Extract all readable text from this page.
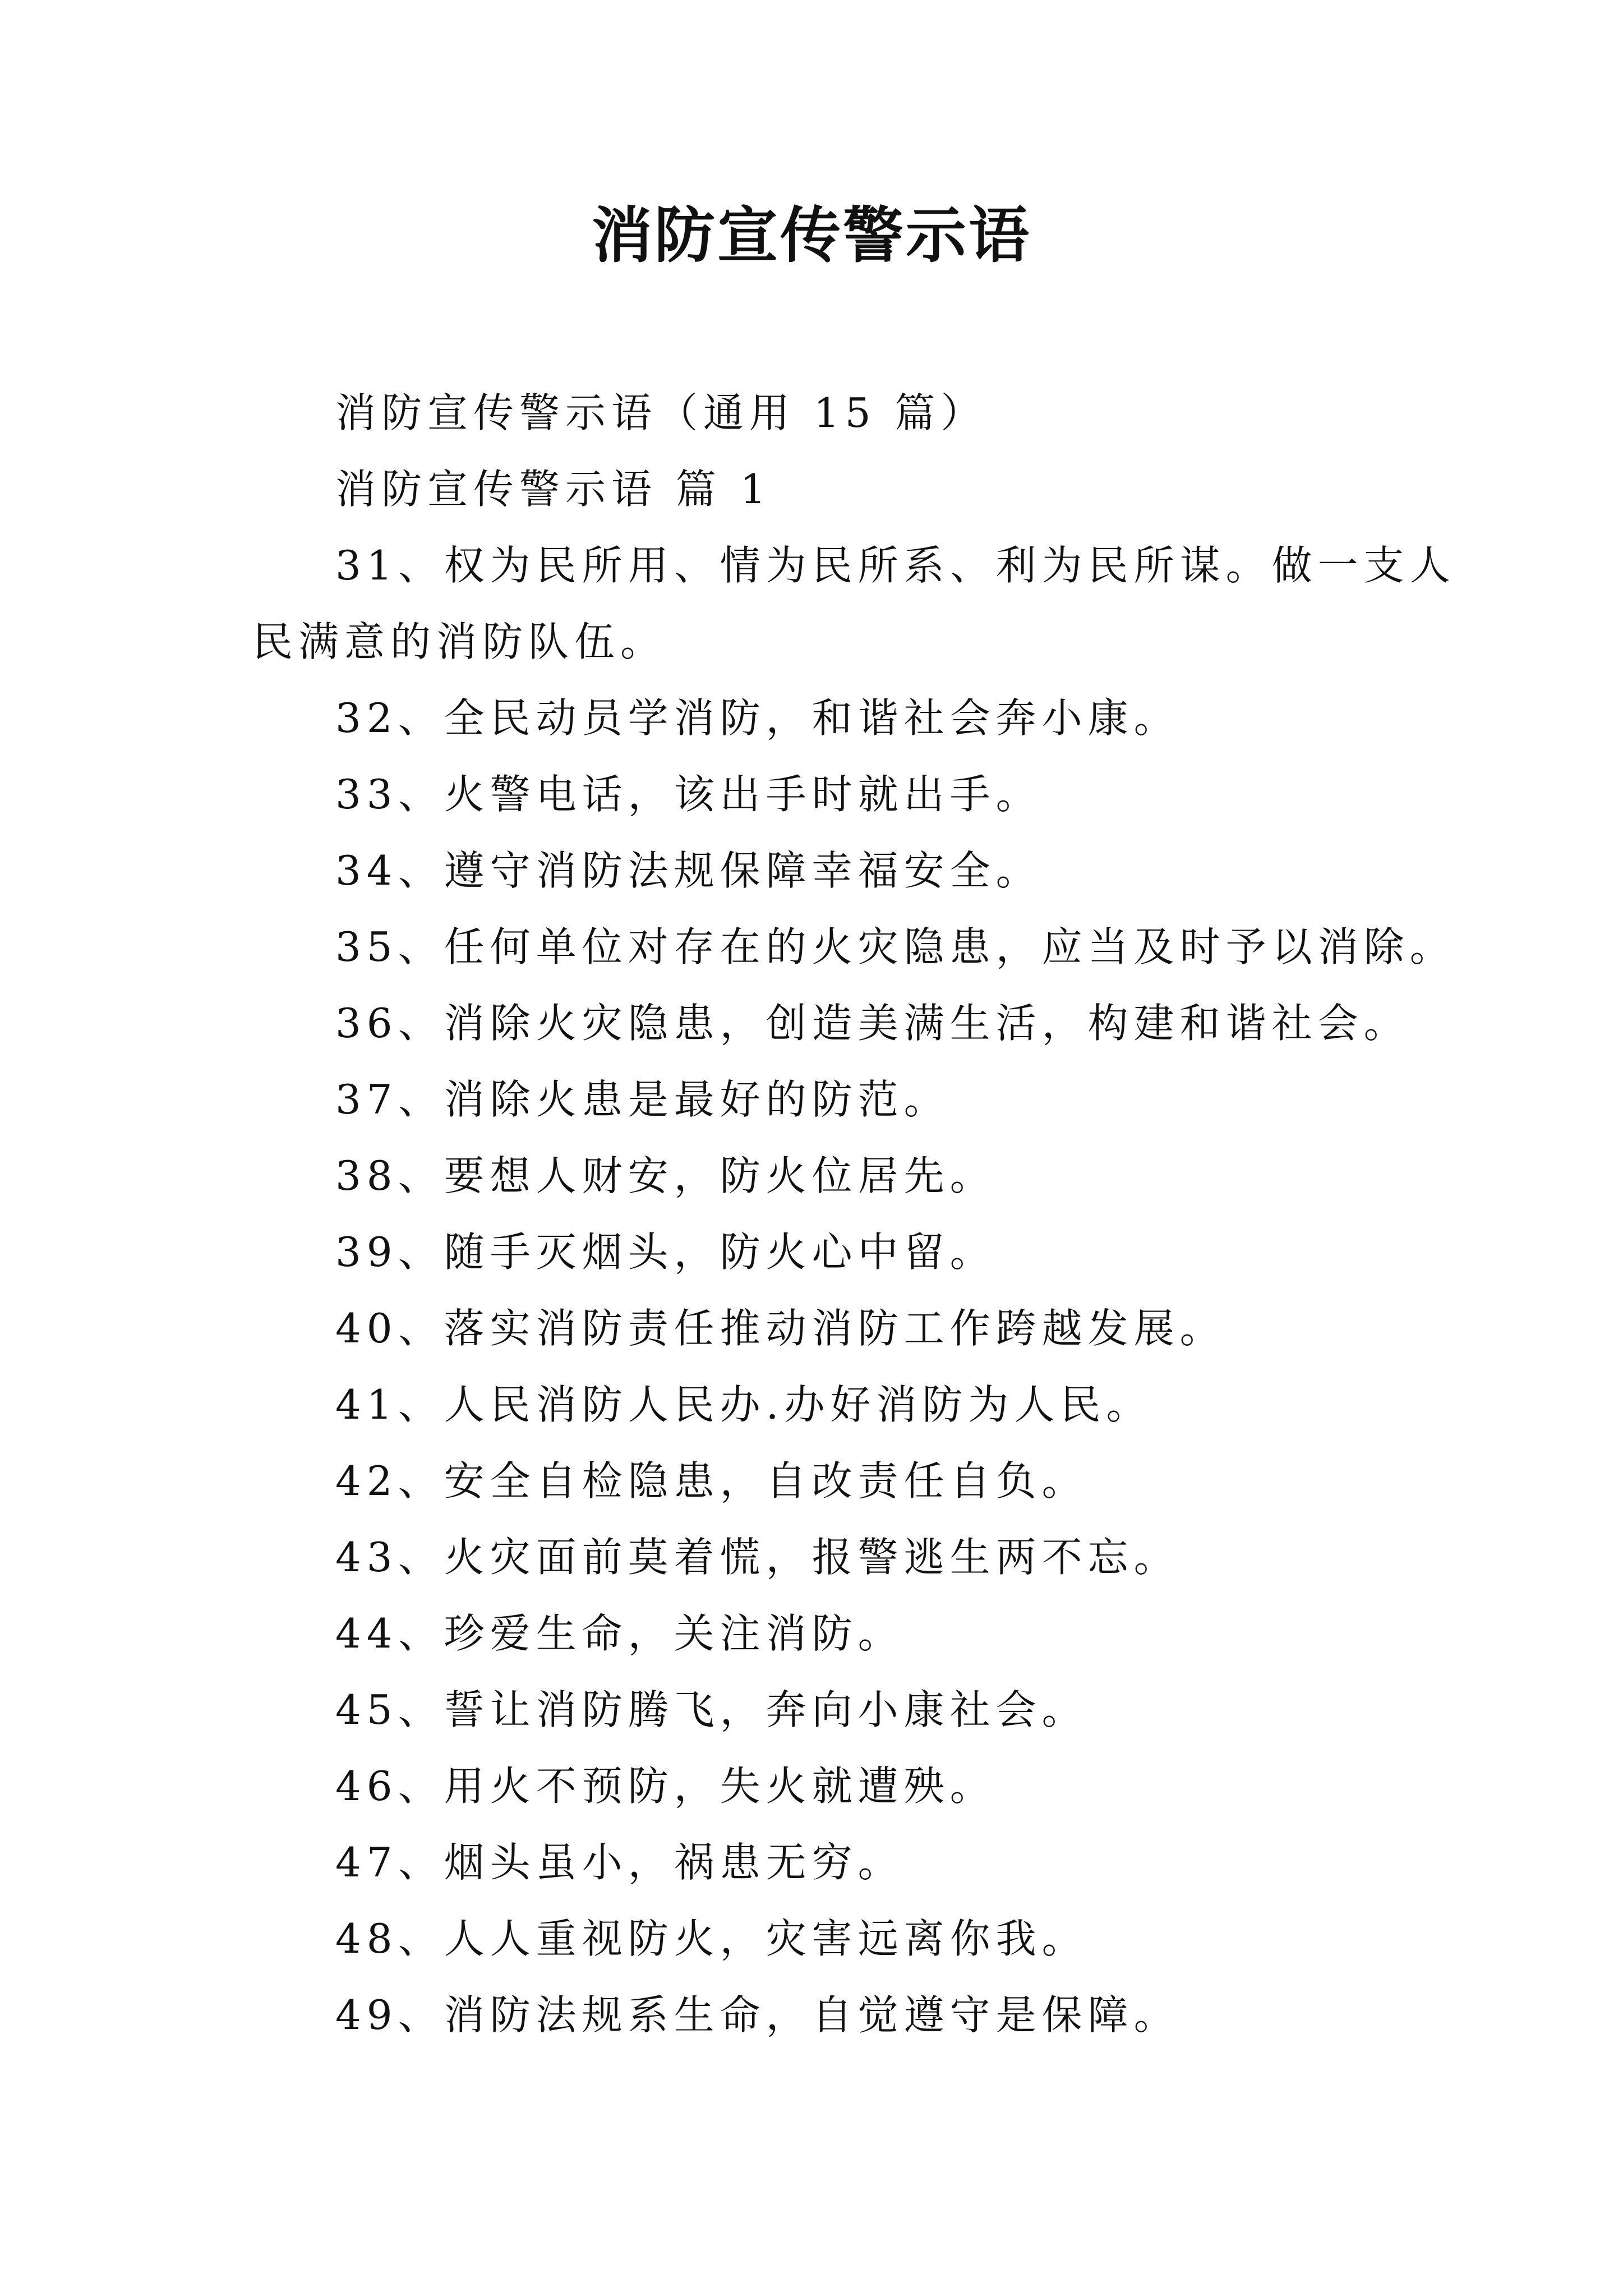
消防宣传警示语
消防宣传警示语（通用 15 篇）
消防宣传警示语 篇 1
31、权为民所用、情为民所系、利为民所谋。做一支人
民满意的消防队伍。
32、全民动员学消防，和谐社会奔小康。
33、火警电话，该出手时就出手。
34、遵守消防法规保障幸福安全。
35、任何单位对存在的火灾隐患，应当及时予以消除。
36、消除火灾隐患，创造美满生活，构建和谐社会。
37、消除火患是最好的防范。
38、要想人财安，防火位居先。
39、随手灭烟头，防火心中留。
40、落实消防责任推动消防工作跨越发展。
41、人民消防人民办.办好消防为人民。
42、安全自检隐患，自改责任自负。
43、火灾面前莫着慌，报警逃生两不忘。
44、珍爱生命，关注消防。
45、誓让消防腾飞，奔向小康社会。
46、用火不预防，失火就遭殃。
47、烟头虽小，祸患无穷。
48、人人重视防火，灾害远离你我。
49、消防法规系生命，自觉遵守是保障。
